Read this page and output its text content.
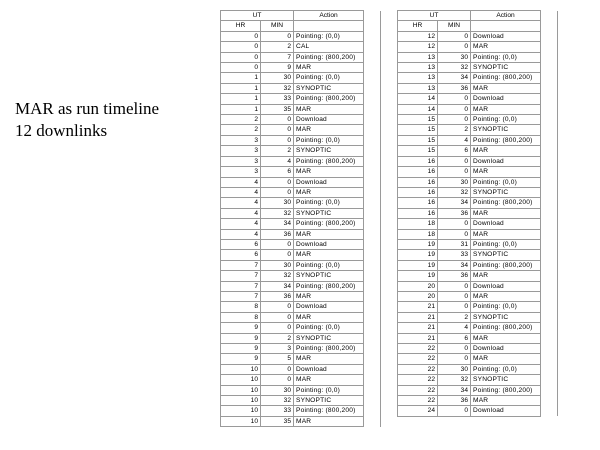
MAR as run timeline
12 downlinks
UT		Action	
HR	MIN		
0	0	Pointing: (0,0)	
0	2	CAL	
0	7	Pointing: (800,200)	
0	9	MAR	
1	30	Pointing: (0,0)	
1	32	SYNOPTIC	
1	33	Pointing: (800,200)	
1	35	MAR	
2	0	Download	
2	0	MAR	
3	0	Pointing: (0,0)	
3	2	SYNOPTIC	
3	4	Pointing: (800,200)	
3	6	MAR	
4	0	Download	
4	0	MAR	
4	30	Pointing: (0,0)	
4	32	SYNOPTIC	
4	34	Pointing: (800,200)	
4	36	MAR	
6	0	Download	
6	0	MAR	
7	30	Pointing: (0,0)	
7	32	SYNOPTIC	
7	34	Pointing: (800,200)	
7	36	MAR	
8	0	Download	
8	0	MAR	
9	0	Pointing: (0,0)	
9	2	SYNOPTIC	
9	3	Pointing: (800,200)	
9	5	MAR	
10	0	Download	
10	0	MAR	
10	30	Pointing: (0,0)	
10	32	SYNOPTIC	
10	33	Pointing: (800,200)	
10	35	MAR	
UT		Action	
HR	MIN		
12	0	Download	
12	0	MAR	
13	30	Pointing: (0,0)	
13	32	SYNOPTIC	
13	34	Pointing: (800,200)	
13	36	MAR	
14	0	Download	
14	0	MAR	
15	0	Pointing: (0,0)	
15	2	SYNOPTIC	
15	4	Pointing: (800,200)	
15	6	MAR	
16	0	Download	
16	0	MAR	
16	30	Pointing: (0,0)	
16	32	SYNOPTIC	
16	34	Pointing: (800,200)	
16	36	MAR	
18	0	Download	
18	0	MAR	
19	31	Pointing: (0,0)	
19	33	SYNOPTIC	
19	34	Pointing: (800,200)	
19	36	MAR	
20	0	Download	
20	0	MAR	
21	0	Pointing: (0,0)	
21	2	SYNOPTIC	
21	4	Pointing: (800,200)	
21	6	MAR	
22	0	Download	
22	0	MAR	
22	30	Pointing: (0,0)	
22	32	SYNOPTIC	
22	34	Pointing: (800,200)	
22	36	MAR	
24	0	Download	
